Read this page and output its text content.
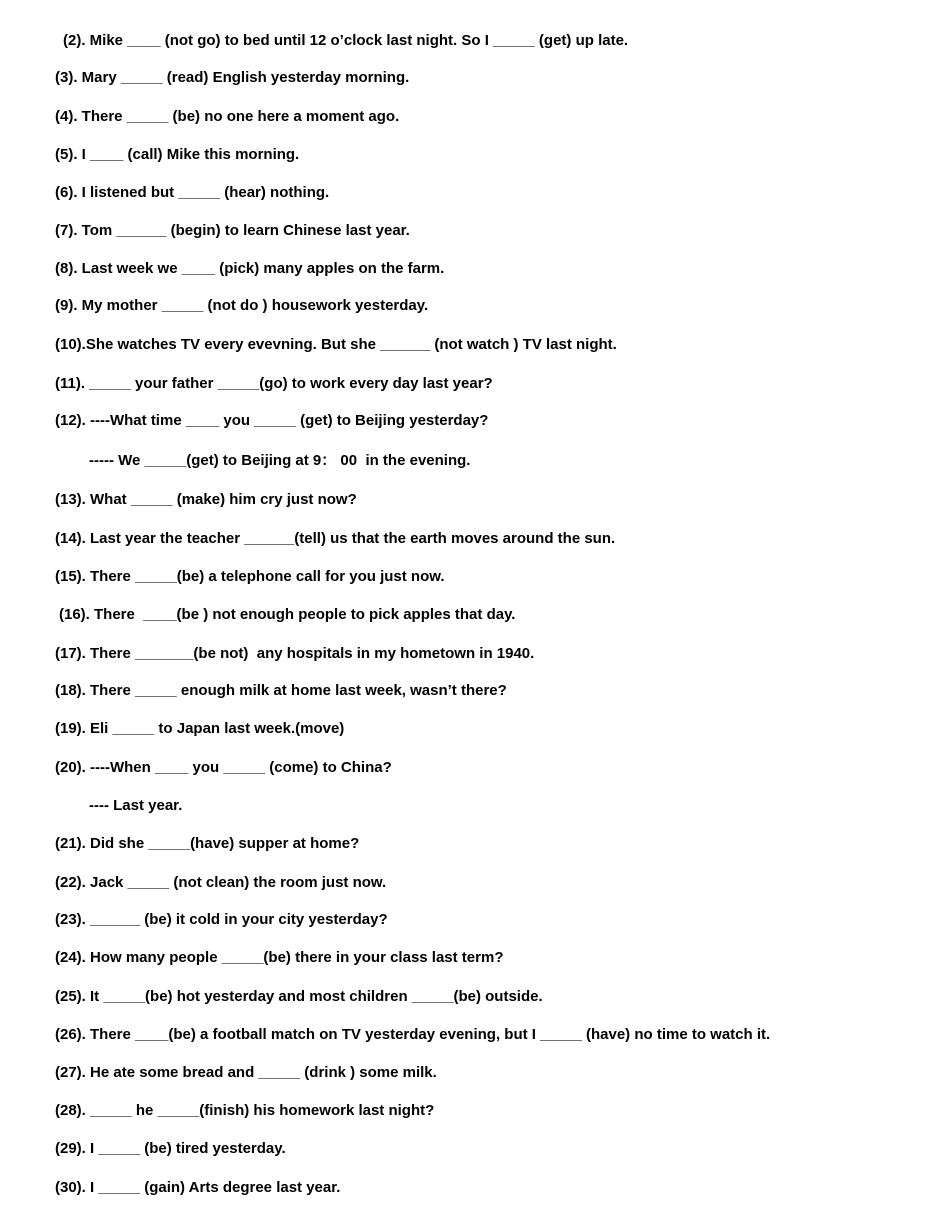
(2). Mike ____ (not go) to bed until 12 o’clock last night. So I _____ (get) up late.
(3). Mary _____ (read) English yesterday morning.
(4). There _____ (be) no one here a moment ago.
(5). I ____ (call) Mike this morning.
(6). I listened but _____ (hear) nothing.
(7). Tom ______ (begin) to learn Chinese last year.
(8). Last week we ____ (pick) many apples on the farm.
(9). My mother _____ (not do ) housework yesterday.
(10).She watches TV every evevning. But she ______ (not watch ) TV last night.
(11). _____ your father _____(go) to work every day last year?
(12). ----What time ____ you _____ (get) to Beijing yesterday?
----- We _____(get) to Beijing at 9： 00  in the evening.
(13). What _____ (make) him cry just now?
(14). Last year the teacher ______(tell) us that the earth moves around the sun.
(15). There _____(be) a telephone call for you just now.
(16). There  ____(be ) not enough people to pick apples that day.
(17). There _______(be not)  any hospitals in my hometown in 1940.
(18). There _____ enough milk at home last week, wasn’t there?
(19). Eli _____ to Japan last week.(move)
(20). ----When ____ you _____ (come) to China?
---- Last year.
(21). Did she _____(have) supper at home?
(22). Jack _____ (not clean) the room just now.
(23). ______ (be) it cold in your city yesterday?
(24). How many people _____(be) there in your class last term?
(25). It _____(be) hot yesterday and most children _____(be) outside.
(26). There ____(be) a football match on TV yesterday evening, but I _____ (have) no time to watch it.
(27). He ate some bread and _____ (drink ) some milk.
(28). _____ he _____(finish) his homework last night?
(29). I _____ (be) tired yesterday.
(30). I _____ (gain) Arts degree last year.
